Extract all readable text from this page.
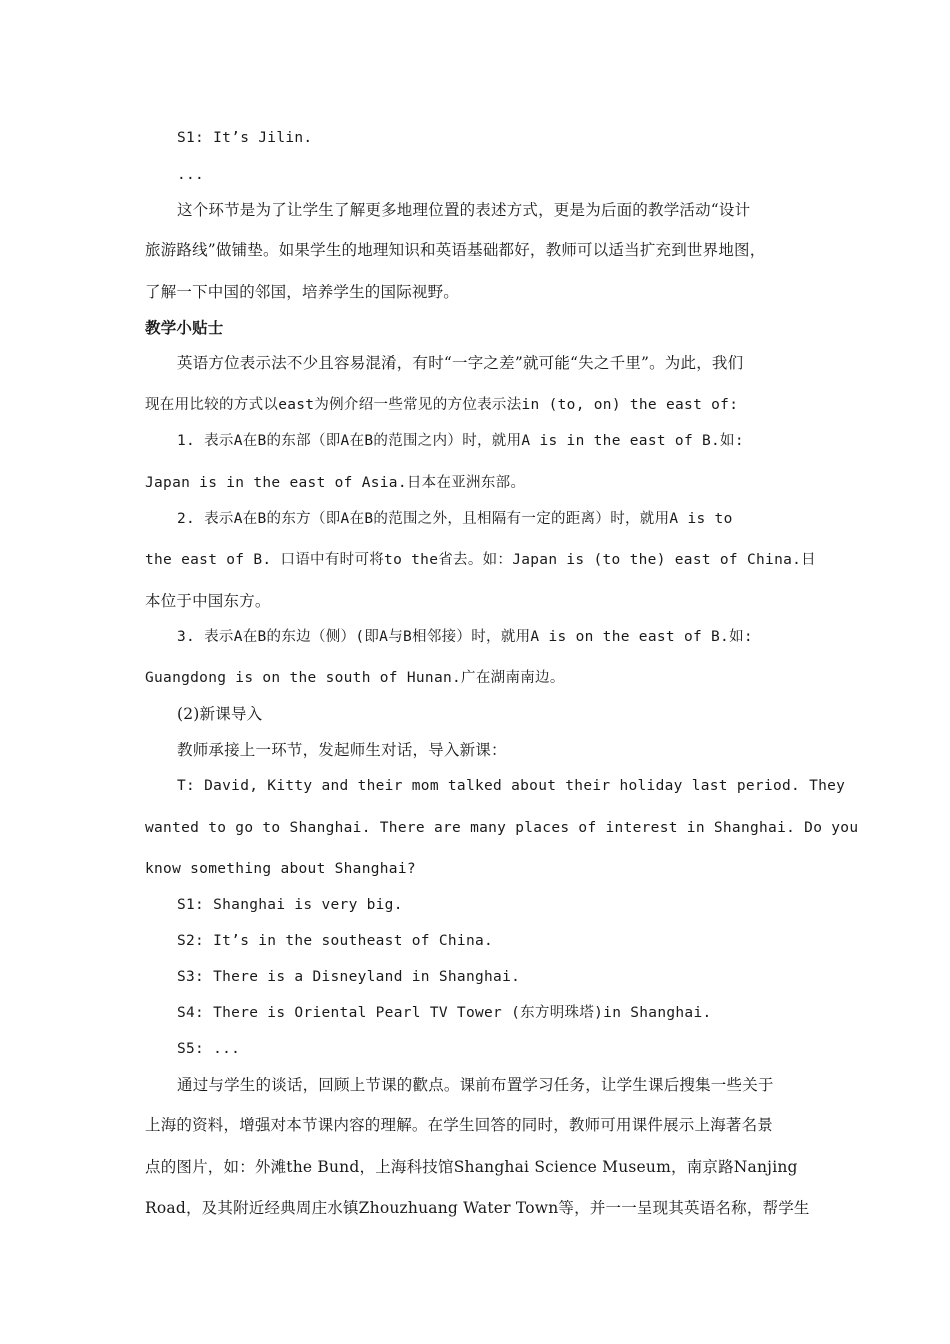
S1: It’s Jilin.
...
这个环节是为了让学生了解更多地理位置的表述方式，更是为后面的教学活动“设计
旅游路线”做铺垫。如果学生的地理知识和英语基础都好，教师可以适当扩充到世界地图，
了解一下中国的邻国，培养学生的国际视野。
教学小贴士
英语方位表示法不少且容易混淆，有时“一字之差”就可能“失之千里”。为此，我们
现在用比较的方式以east为例介绍一些常见的方位表示法in (to, on) the east of:
1. 表示A在B的东部（即A在B的范围之内）时，就用A is in the east of B.如:
Japan is in the east of Asia.日本在亚洲东部。
2. 表示A在B的东方（即A在B的范围之外，且相隔有一定的距离）时，就用A is to
the east of B. 口语中有时可将to the省去。如：Japan is (to the) east of China.日
本位于中国东方。
3. 表示A在B的东边（侧）(即A与B相邻接）时，就用A is on the east of B.如:
Guangdong is on the south of Hunan.广在湖南南边。
(2)新课导入
教师承接上一环节，发起师生对话，导入新课：
T: David, Kitty and their mom talked about their holiday last period. They
wanted to go to Shanghai. There are many places of interest in Shanghai. Do you
know something about Shanghai?
S1: Shanghai is very big.
S2: It’s in the southeast of China.
S3: There is a Disneyland in Shanghai.
S4: There is Oriental Pearl TV Tower (东方明珠塔)in Shanghai.
S5: ...
通过与学生的谈话，回顾上节课的歡点。课前布置学习任务，让学生课后搜集一些关于
上海的资料，增强对本节课内容的理解。在学生回答的同时，教师可用课件展示上海著名景
点的图片，如：外滩the Bund，上海科技馆Shanghai Science Museum，南京路Nanjing
Road，及其附近经典周庄水镇Zhouzhuang Water Town等，并一一呈现其英语名称，帮学生
